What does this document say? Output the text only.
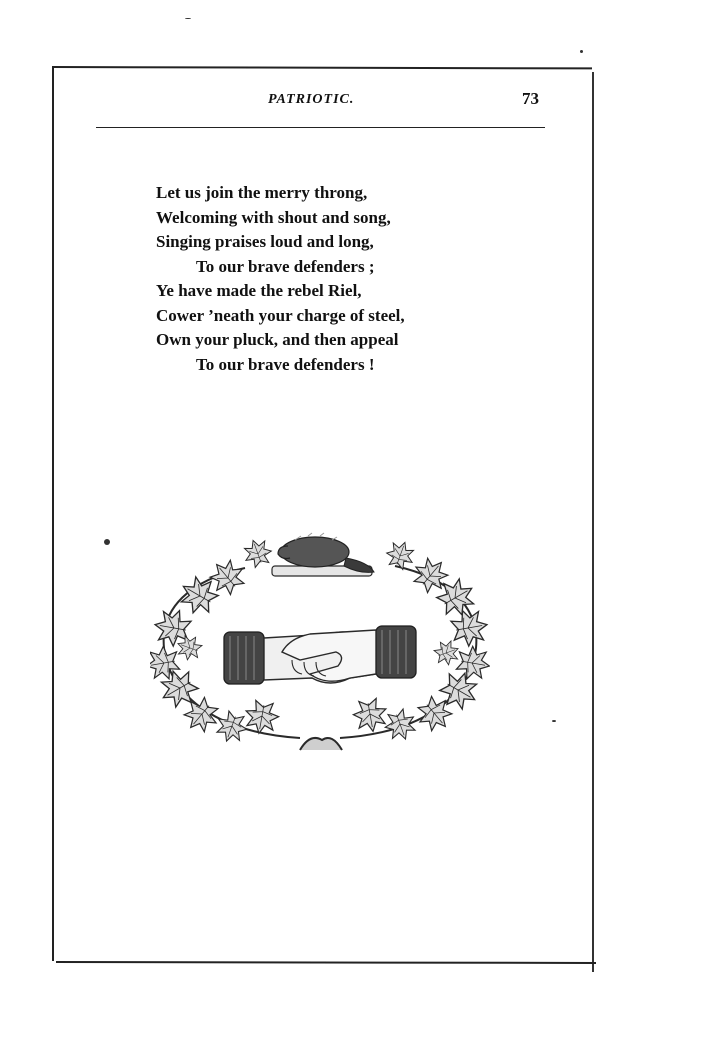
PATRIOTIC.	73
Let us join the merry throng,
Welcoming with shout and song,
Singing praises loud and long,
To our brave defenders ;
Ye have made the rebel Riel,
Cower ’neath your charge of steel,
Own your pluck, and then appeal
To our brave defenders !
